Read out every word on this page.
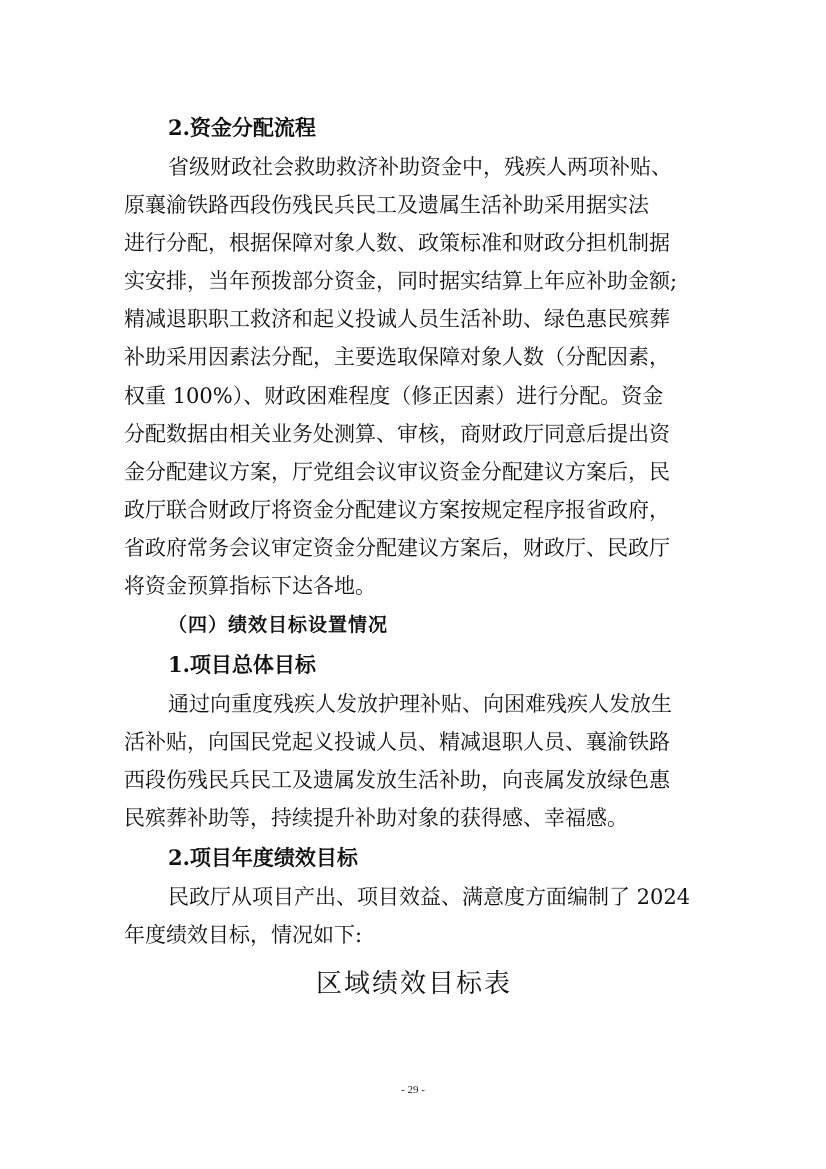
2.资金分配流程

省级财政社会救助救济补助资金中，残疾人两项补贴、
原襄渝铁路西段伤残民兵民工及遗属生活补助采用据实法
进行分配，根据保障对象人数、政策标准和财政分担机制据
实安排，当年预拨部分资金，同时据实结算上年应补助金额;
精减退职职工救济和起义投诚人员生活补助、绿色惠民殡葬
补助采用因素法分配，主要选取保障对象人数（分配因素，
权重 100%）、财政困难程度（修正因素）进行分配。资金
分配数据由相关业务处测算、审核，商财政厅同意后提出资
金分配建议方案，厅党组会议审议资金分配建议方案后，民
政厅联合财政厅将资金分配建议方案按规定程序报省政府，
省政府常务会议审定资金分配建议方案后，财政厅、民政厅
将资金预算指标下达各地。

（四）绩效目标设置情况

1.项目总体目标

通过向重度残疾人发放护理补贴、向困难残疾人发放生
活补贴，向国民党起义投诚人员、精减退职人员、襄渝铁路
西段伤残民兵民工及遗属发放生活补助，向丧属发放绿色惠
民殡葬补助等，持续提升补助对象的获得感、幸福感。

2.项目年度绩效目标

民政厅从项目产出、项目效益、满意度方面编制了 2024
年度绩效目标，情况如下:

区域绩效目标表

- 29 -
